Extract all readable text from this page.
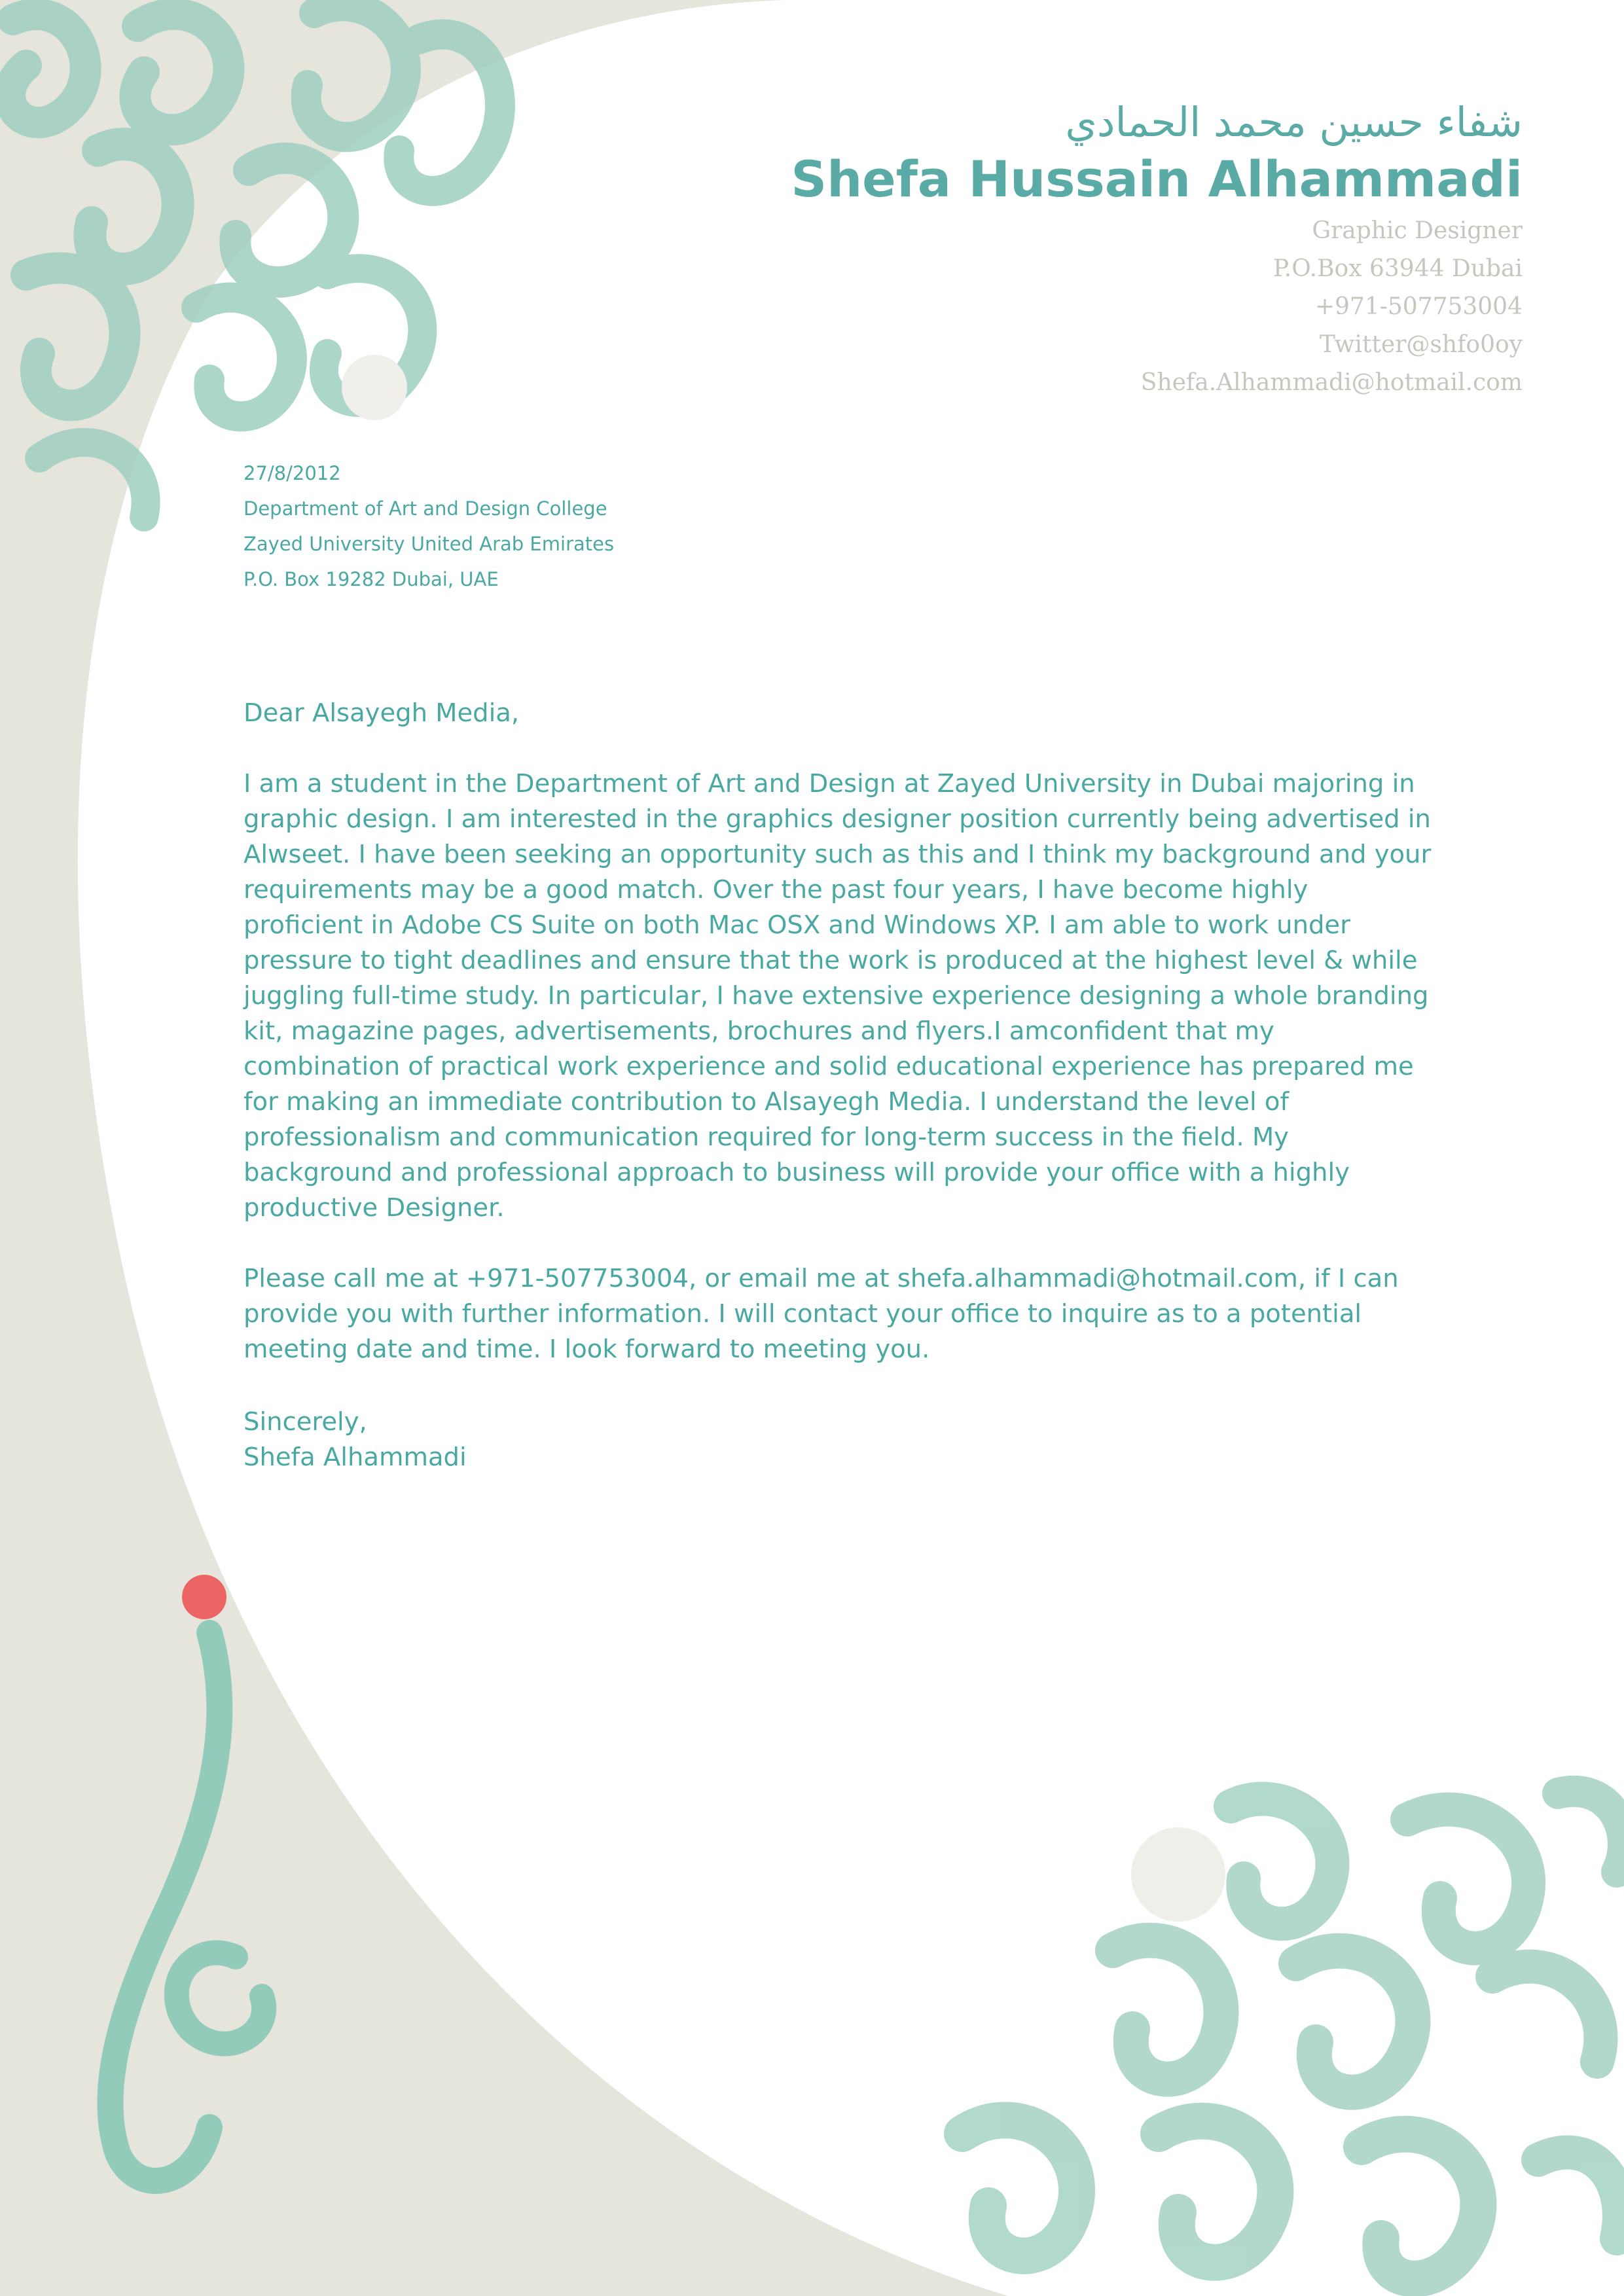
شفاء حسين محمد الحمادي
Shefa Hussain Alhammadi
Graphic Designer
P.O.Box 63944 Dubai
+971-507753004
Twitter@shfo0oy
Shefa.Alhammadi@hotmail.com
27/8/2012
Department of Art and Design College
Zayed University United Arab Emirates
P.O. Box 19282 Dubai, UAE

Dear Alsayegh Media,

I am a student in the Department of Art and Design at Zayed University in Dubai majoring in graphic design. I am interested in the graphics designer position currently being advertised in Alwseet. I have been seeking an opportunity such as this and I think my background and your requirements may be a good match. Over the past four years, I have become highly proficient in Adobe CS Suite on both Mac OSX and Windows XP. I am able to work under pressure to tight deadlines and ensure that the work is produced at the highest level & while juggling full-time study. In particular, I have extensive experience designing a whole branding kit, magazine pages, advertisements, brochures and flyers.I amconfident that my combination of practical work experience and solid educational experience has prepared me for making an immediate contribution to Alsayegh Media. I understand the level of professionalism and communication required for long-term success in the field. My background and professional approach to business will provide your office with a highly productive Designer.

Please call me at +971-507753004, or email me at shefa.alhammadi@hotmail.com, if I can provide you with further information. I will contact your office to inquire as to a potential meeting date and time. I look forward to meeting you.

Sincerely,
Shefa Alhammadi
